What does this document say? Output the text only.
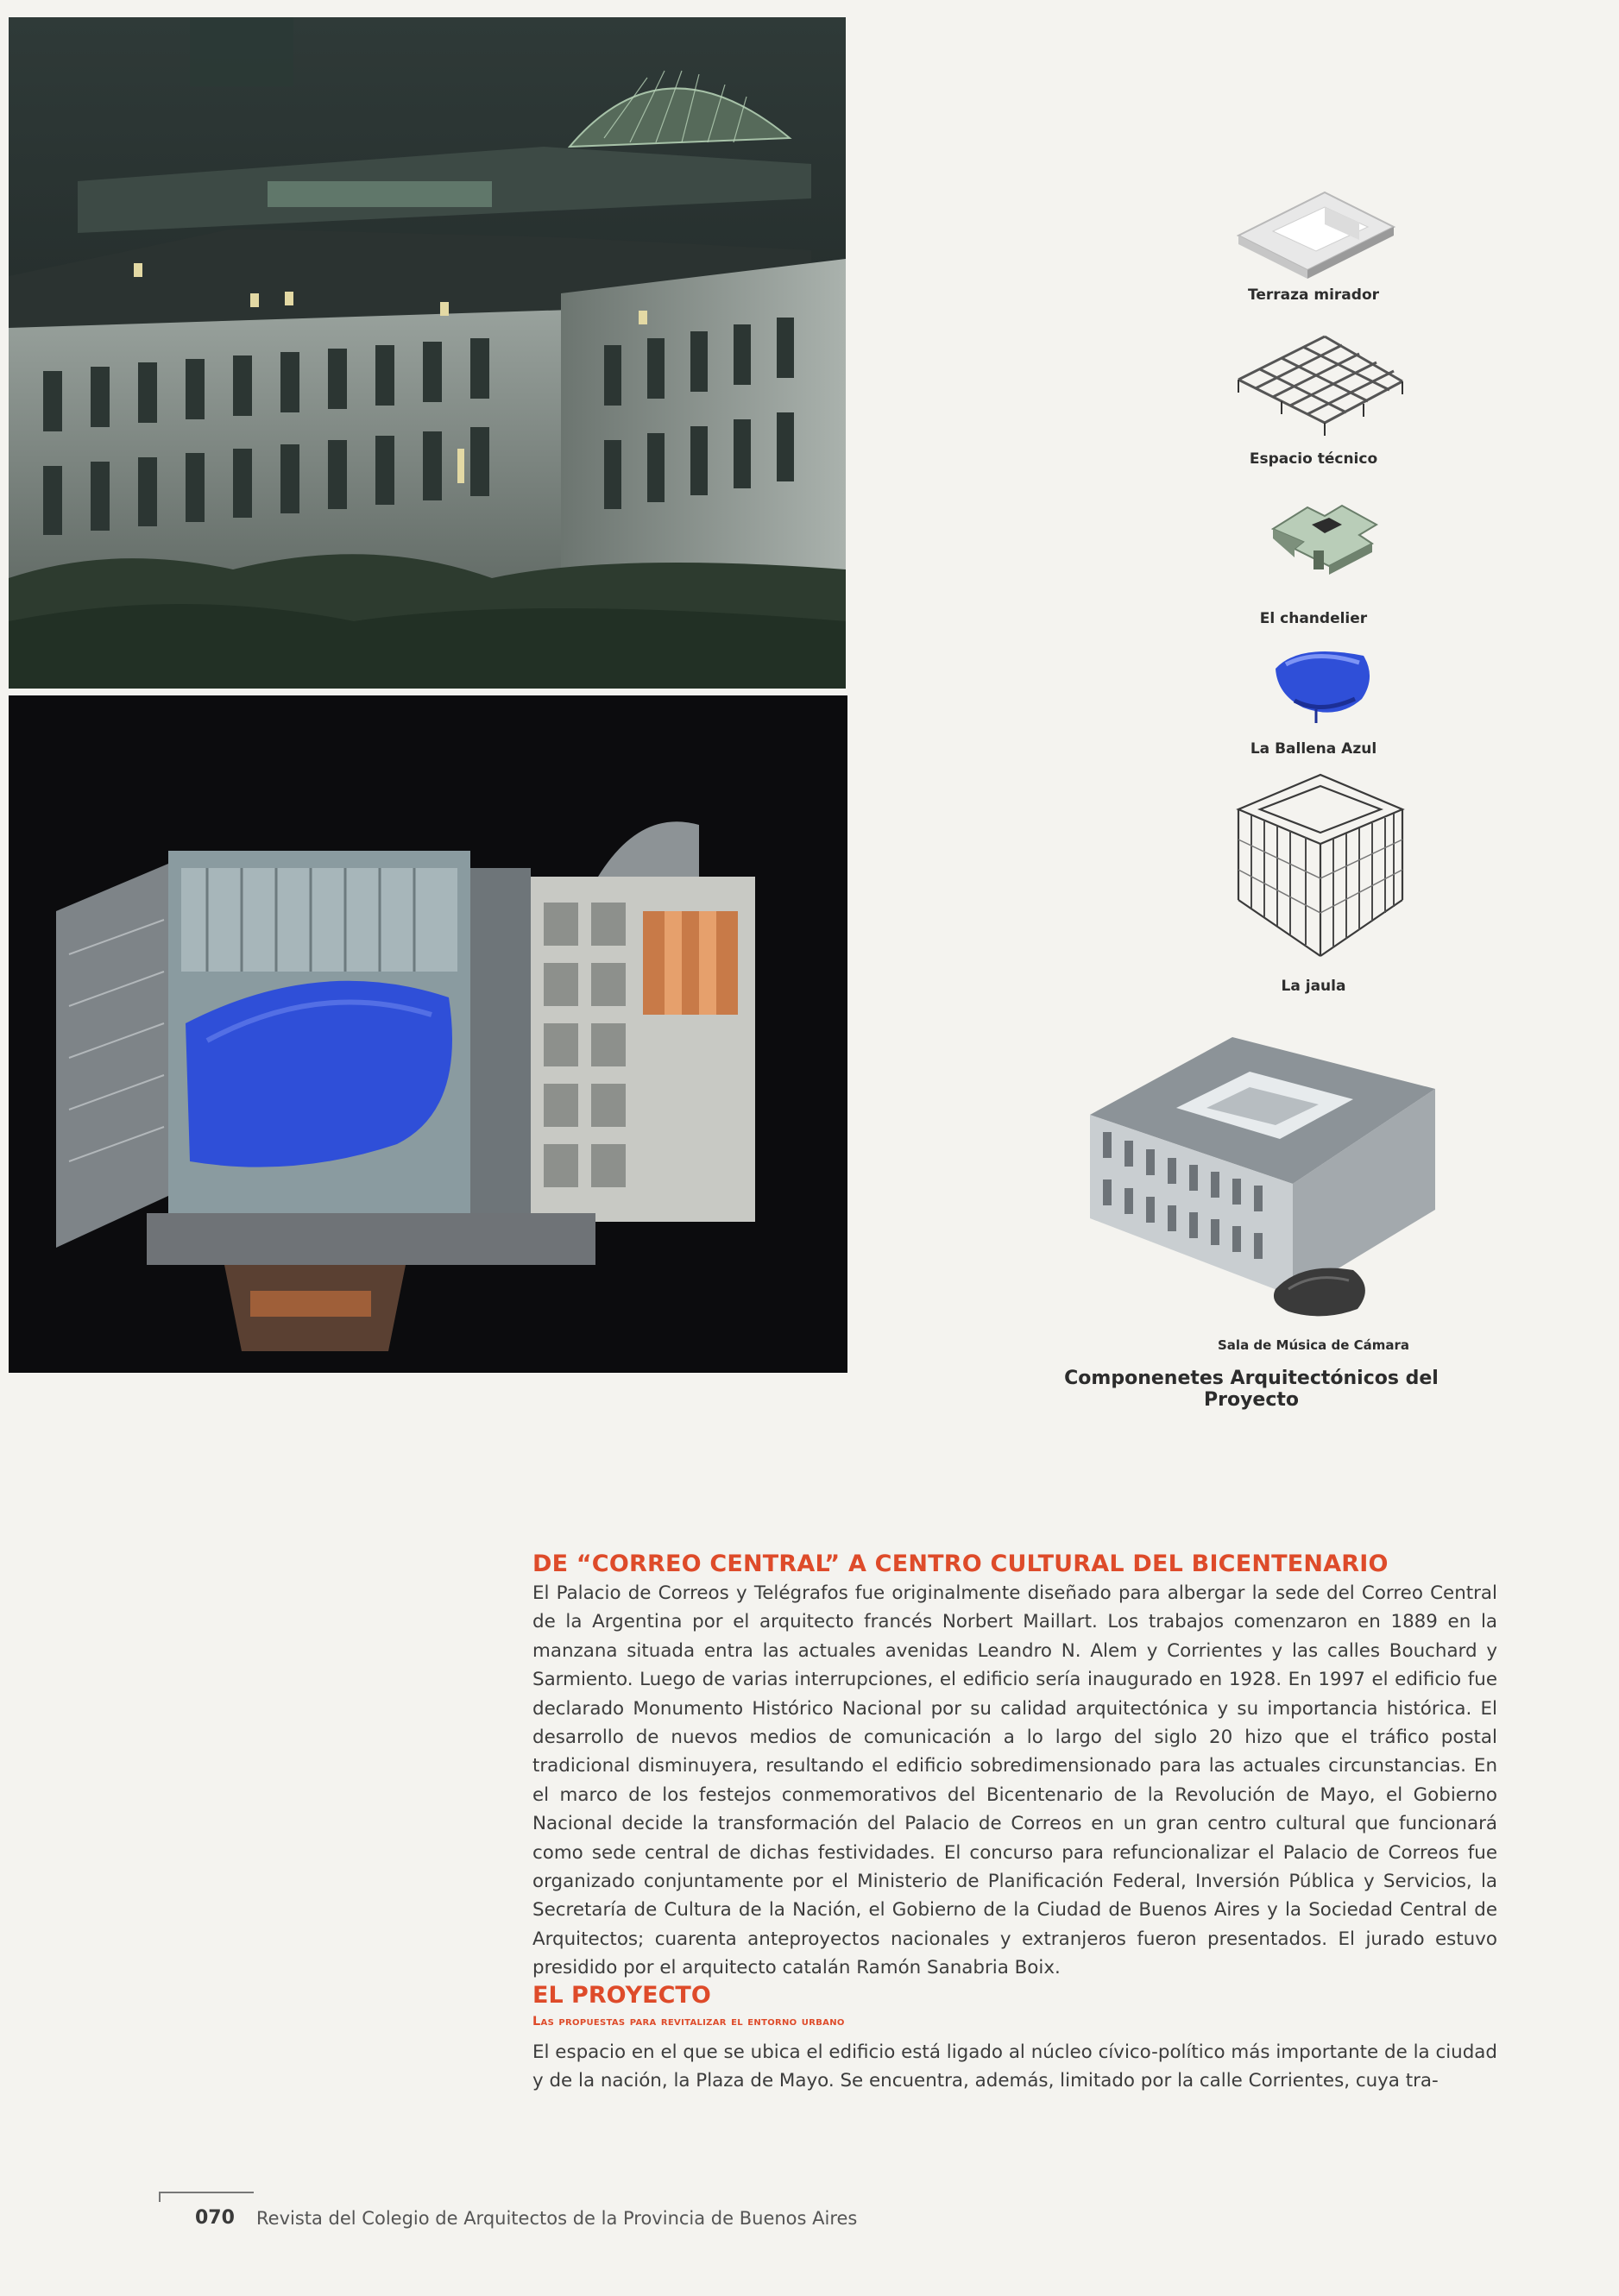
Terraza mirador
Espacio técnico
El chandelier
La Ballena Azul
La jaula
Sala de Música de Cámara
Componenetes Arquitectónicos del Proyecto
DE “CORREO CENTRAL” A CENTRO CULTURAL DEL BICENTENARIO
El Palacio de Correos y Telégrafos fue originalmente diseñado para albergar la sede del Correo Central de la Argentina por el arquitecto francés Norbert Maillart. Los trabajos comenzaron en 1889 en la manzana situada entra las actuales avenidas Leandro N. Alem y Corrientes y las calles Bouchard y Sarmiento. Luego de varias interrupciones, el edificio sería inaugurado en 1928. En 1997 el edificio fue declarado Monumento Histórico Nacional por su calidad arquitectónica y su importancia histórica. El desarrollo de nuevos medios de comunicación a lo largo del siglo 20 hizo que el tráfico postal tradicional disminuyera, resultando el edificio sobredimensionado para las actuales circunstancias. En el marco de los festejos conmemorativos del Bicentenario de la Revolución de Mayo, el Gobierno Nacional decide la transformación del Palacio de Correos en un gran centro cultural que funcionará como sede central de dichas festividades. El concurso para refuncionalizar el Palacio de Correos fue organizado conjuntamente por el Ministerio de Planificación Federal, Inversión Pública y Servicios, la Secretaría de Cultura de la Nación, el Gobierno de la Ciudad de Buenos Aires y la Sociedad Central de Arquitectos; cuarenta anteproyectos nacionales y extranjeros fueron presentados. El jurado estuvo presidido por el arquitecto catalán Ramón Sanabria Boix.
EL PROYECTO
Las propuestas para revitalizar el entorno urbano
El espacio en el que se ubica el edificio está ligado al núcleo cívico-político más importante de la ciudad y de la nación, la Plaza de Mayo. Se encuentra, además, limitado por la calle Corrientes, cuya tra-
070 Revista del Colegio de Arquitectos de la Provincia de Buenos Aires
